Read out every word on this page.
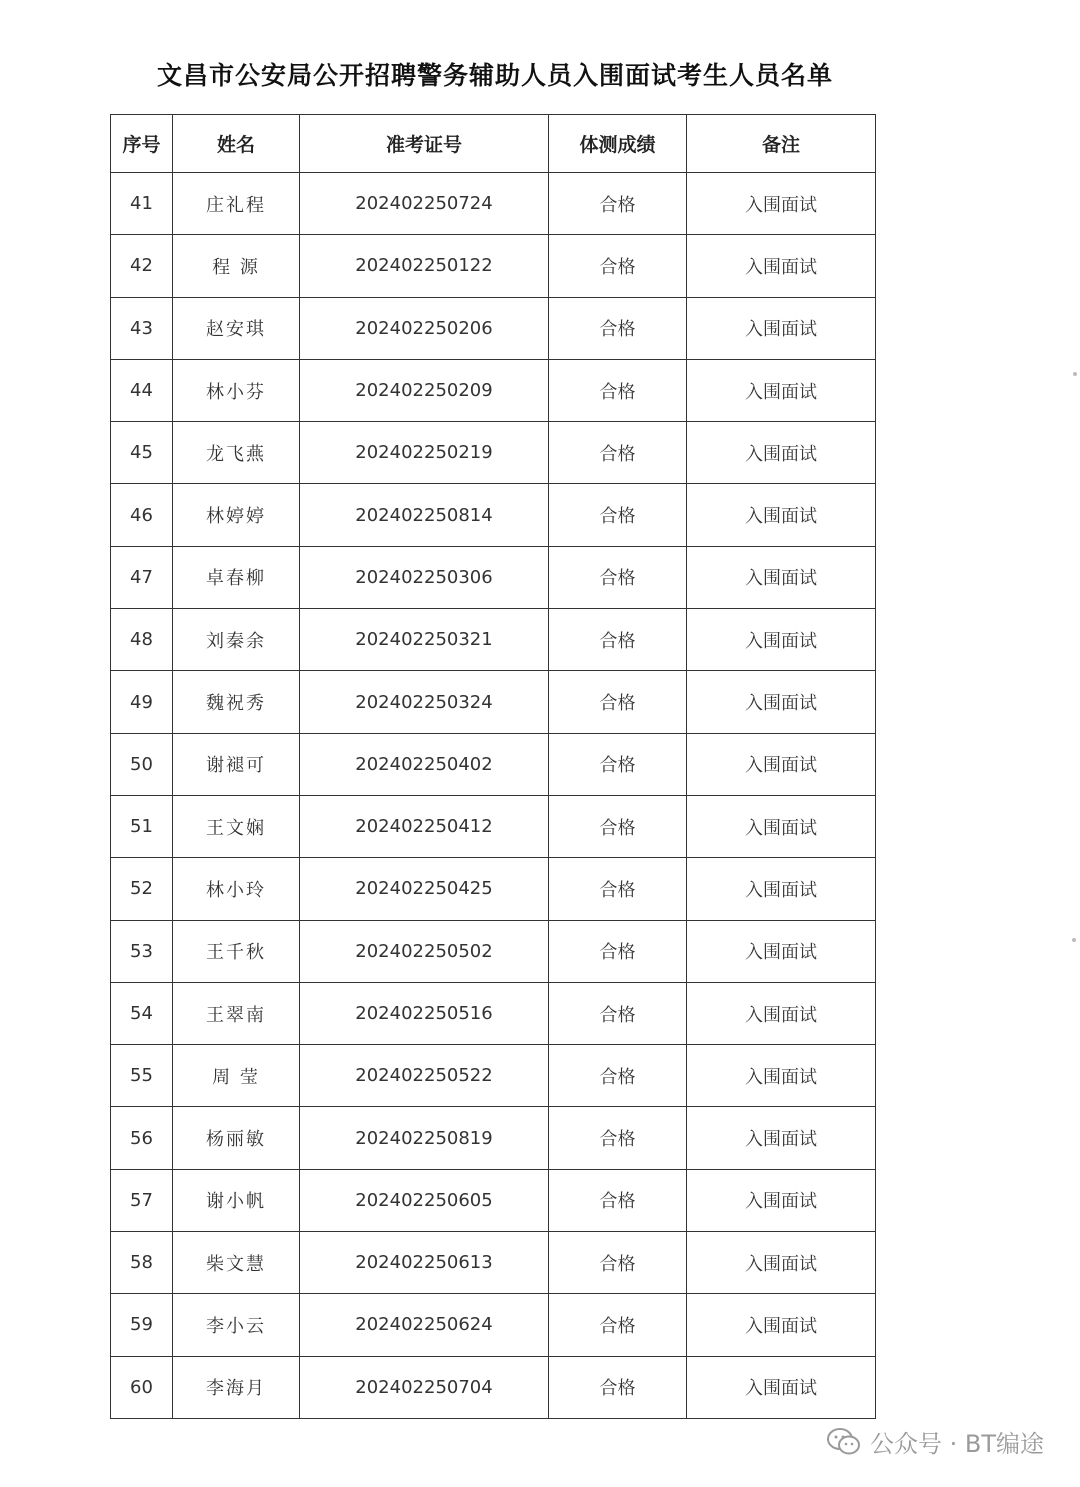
文昌市公安局公开招聘警务辅助人员入围面试考生人员名单
序号	姓名	准考证号	体测成绩	备注
41	庄礼程	202402250724	合格	入围面试
42	程 源	202402250122	合格	入围面试
43	赵安琪	202402250206	合格	入围面试
44	林小芬	202402250209	合格	入围面试
45	龙飞燕	202402250219	合格	入围面试
46	林婷婷	202402250814	合格	入围面试
47	卓春柳	202402250306	合格	入围面试
48	刘秦余	202402250321	合格	入围面试
49	魏祝秀	202402250324	合格	入围面试
50	谢褪可	202402250402	合格	入围面试
51	王文娴	202402250412	合格	入围面试
52	林小玲	202402250425	合格	入围面试
53	王千秋	202402250502	合格	入围面试
54	王翠南	202402250516	合格	入围面试
55	周 莹	202402250522	合格	入围面试
56	杨丽敏	202402250819	合格	入围面试
57	谢小帆	202402250605	合格	入围面试
58	柴文慧	202402250613	合格	入围面试
59	李小云	202402250624	合格	入围面试
60	李海月	202402250704	合格	入围面试
公众号 · BT编途
